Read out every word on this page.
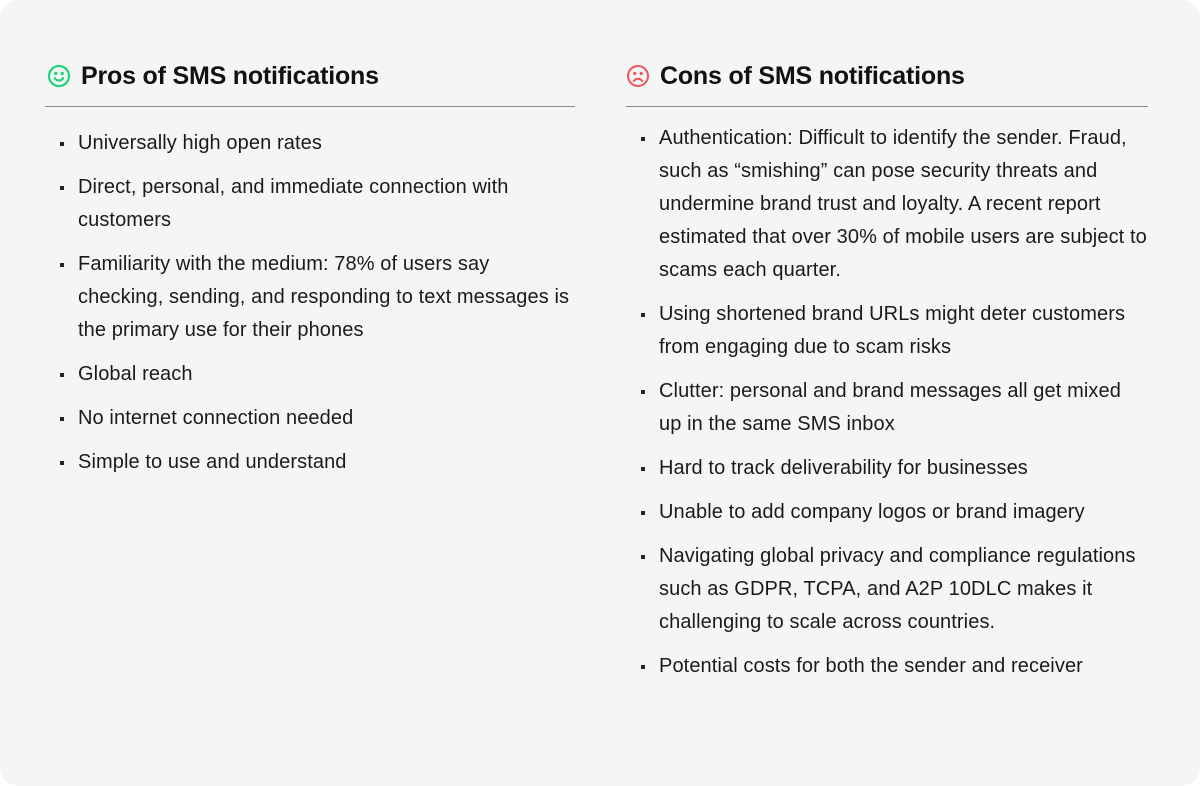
Pros of SMS notifications
Universally high open rates
Direct, personal, and immediate connection with customers
Familiarity with the medium: 78% of users say checking, sending, and responding to text messages is the primary use for their phones
Global reach
No internet connection needed
Simple to use and understand
Cons of SMS notifications
Authentication: Difficult to identify the sender. Fraud, such as “smishing” can pose security threats and undermine brand trust and loyalty. A recent report estimated that over 30% of mobile users are subject to scams each quarter.
Using shortened brand URLs might deter customers from engaging due to scam risks
Clutter: personal and brand messages all get mixed up in the same SMS inbox
Hard to track deliverability for businesses
Unable to add company logos or brand imagery
Navigating global privacy and compliance regulations such as GDPR, TCPA, and A2P 10DLC makes it challenging to scale across countries.
Potential costs for both the sender and receiver
